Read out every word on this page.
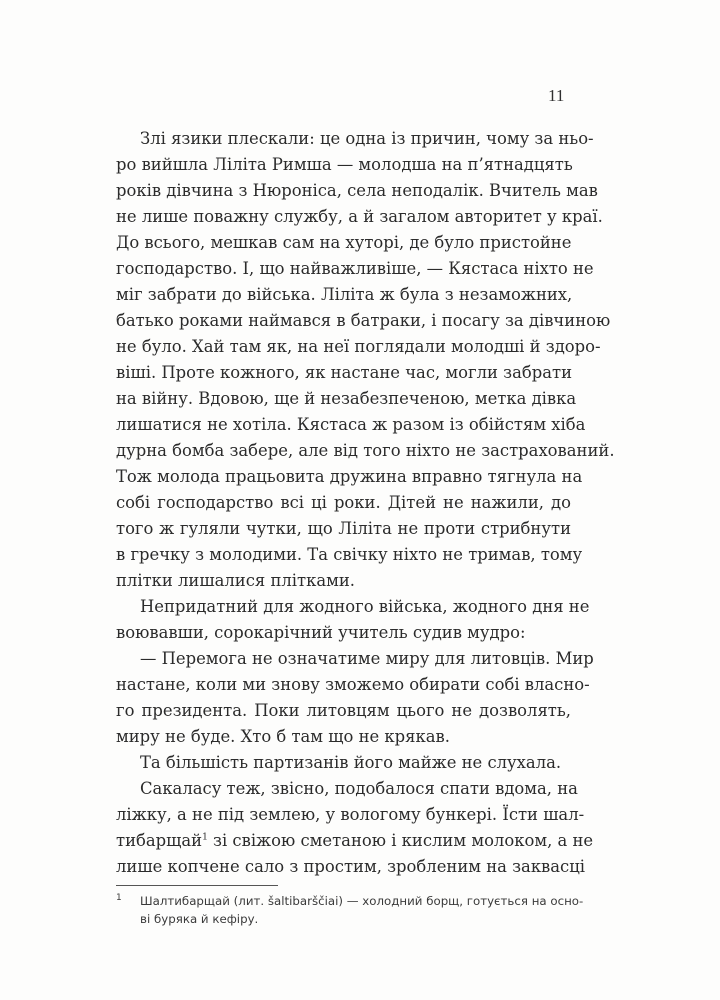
11
Злі язики плескали: це одна із причин, чому за ньо-
ро вийшла Ліліта Римша — молодша на п’ятнадцять
років дівчина з Нюроніса, села неподалік. Вчитель мав
не лише поважну службу, а й загалом авторитет у краї.
До всього, мешкав сам на хуторі, де було пристойне
господарство. І, що найважливіше, — Кястаса ніхто не
міг забрати до війська. Ліліта ж була з незаможних,
батько роками наймався в батраки, і посагу за дівчиною
не було. Хай там як, на неї поглядали молодші й здоро-
віші. Проте кожного, як настане час, могли забрати
на війну. Вдовою, ще й незабезпеченою, метка дівка
лишатися не хотіла. Кястаса ж разом із обійстям хіба
дурна бомба забере, але від того ніхто не застрахований.
Тож молода працьовита дружина вправно тягнула на
собі господарство всі ці роки. Дітей не нажили, до
того ж гуляли чутки, що Ліліта не проти стрибнути
в гречку з молодими. Та свічку ніхто не тримав, тому
плітки лишалися плітками.
Непридатний для жодного війська, жодного дня не
воювавши, сорокарічний учитель судив мудро:
— Перемога не означатиме миру для литовців. Мир
настане, коли ми знову зможемо обирати собі власно-
го президента. Поки литовцям цього не дозволять,
миру не буде. Хто б там що не крякав.
Та більшість партизанів його майже не слухала.
Сакаласу теж, звісно, подобалося спати вдома, на
ліжку, а не під землею, у вологому бункері. Їсти шал-
тибарщай$^1$ зі свіжою сметаною і кислим молоком, а не
лише копчене сало з простим, зробленим на заквасці
1 Шалтибарщай (лит. šaltibarščiai) — холодний борщ, готується на осно-
ві буряка й кефіру.
